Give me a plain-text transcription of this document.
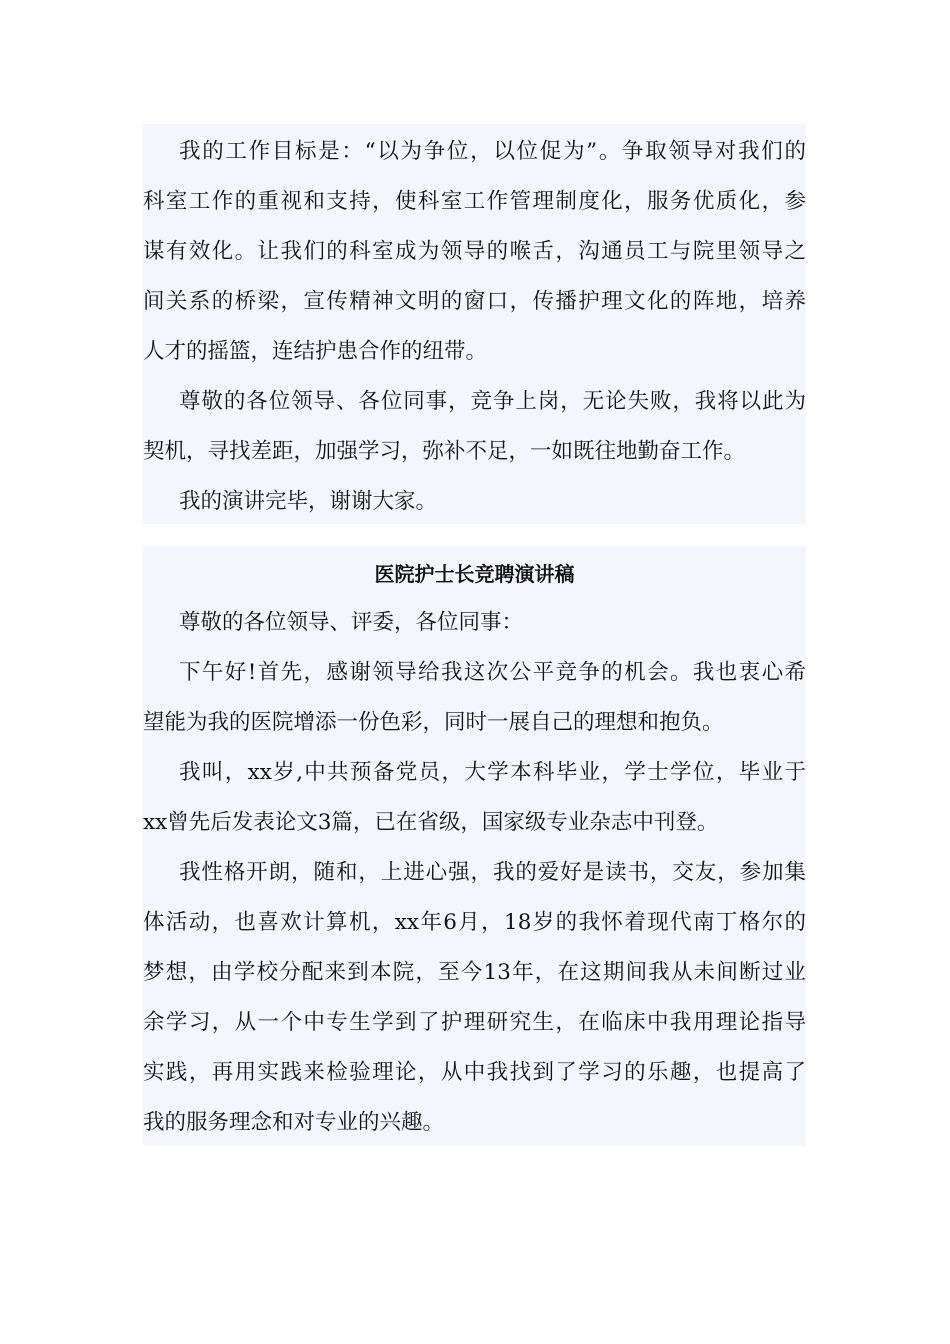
我的工作目标是：“以为争位，以位促为”。争取领导对我们的
科室工作的重视和支持，使科室工作管理制度化，服务优质化，参
谋有效化。让我们的科室成为领导的喉舌，沟通员工与院里领导之
间关系的桥梁，宣传精神文明的窗口，传播护理文化的阵地，培养
人才的摇篮，连结护患合作的纽带。
尊敬的各位领导、各位同事，竞争上岗，无论失败，我将以此为
契机，寻找差距，加强学习，弥补不足，一如既往地勤奋工作。
我的演讲完毕，谢谢大家。
医院护士长竞聘演讲稿
尊敬的各位领导、评委，各位同事：
下午好!首先，感谢领导给我这次公平竞争的机会。我也衷心希
望能为我的医院增添一份色彩，同时一展自己的理想和抱负。
我叫，xx岁,中共预备党员，大学本科毕业，学士学位，毕业于
xx曾先后发表论文3篇，已在省级，国家级专业杂志中刊登。
我性格开朗，随和，上进心强，我的爱好是读书，交友，参加集
体活动，也喜欢计算机，xx年6月，18岁的我怀着现代南丁格尔的
梦想，由学校分配来到本院，至今13年，在这期间我从未间断过业
余学习，从一个中专生学到了护理研究生，在临床中我用理论指导
实践，再用实践来检验理论，从中我找到了学习的乐趣，也提高了
我的服务理念和对专业的兴趣。
